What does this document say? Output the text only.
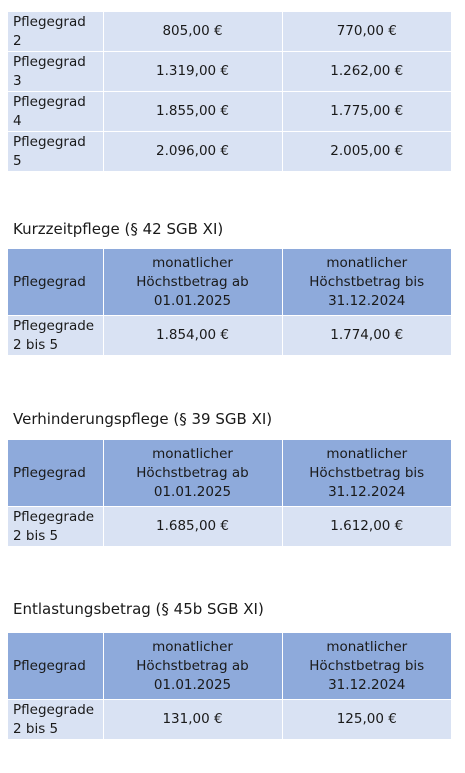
Pflegegrad 2	805,00 €	770,00 €
Pflegegrad 3	1.319,00 €	1.262,00 €
Pflegegrad 4	1.855,00 €	1.775,00 €
Pflegegrad 5	2.096,00 €	2.005,00 €
Kurzzeitpflege (§ 42 SGB XI)
Pflegegrad	monatlicher Höchstbetrag ab 01.01.2025	monatlicher Höchstbetrag bis 31.12.2024
Pflegegrade 2 bis 5	1.854,00 €	1.774,00 €
Verhinderungspflege (§ 39 SGB XI)
Pflegegrad	monatlicher Höchstbetrag ab 01.01.2025	monatlicher Höchstbetrag bis 31.12.2024
Pflegegrade 2 bis 5	1.685,00 €	1.612,00 €
Entlastungsbetrag (§ 45b SGB XI)
Pflegegrad	monatlicher Höchstbetrag ab 01.01.2025	monatlicher Höchstbetrag bis 31.12.2024
Pflegegrade 2 bis 5	131,00 €	125,00 €
